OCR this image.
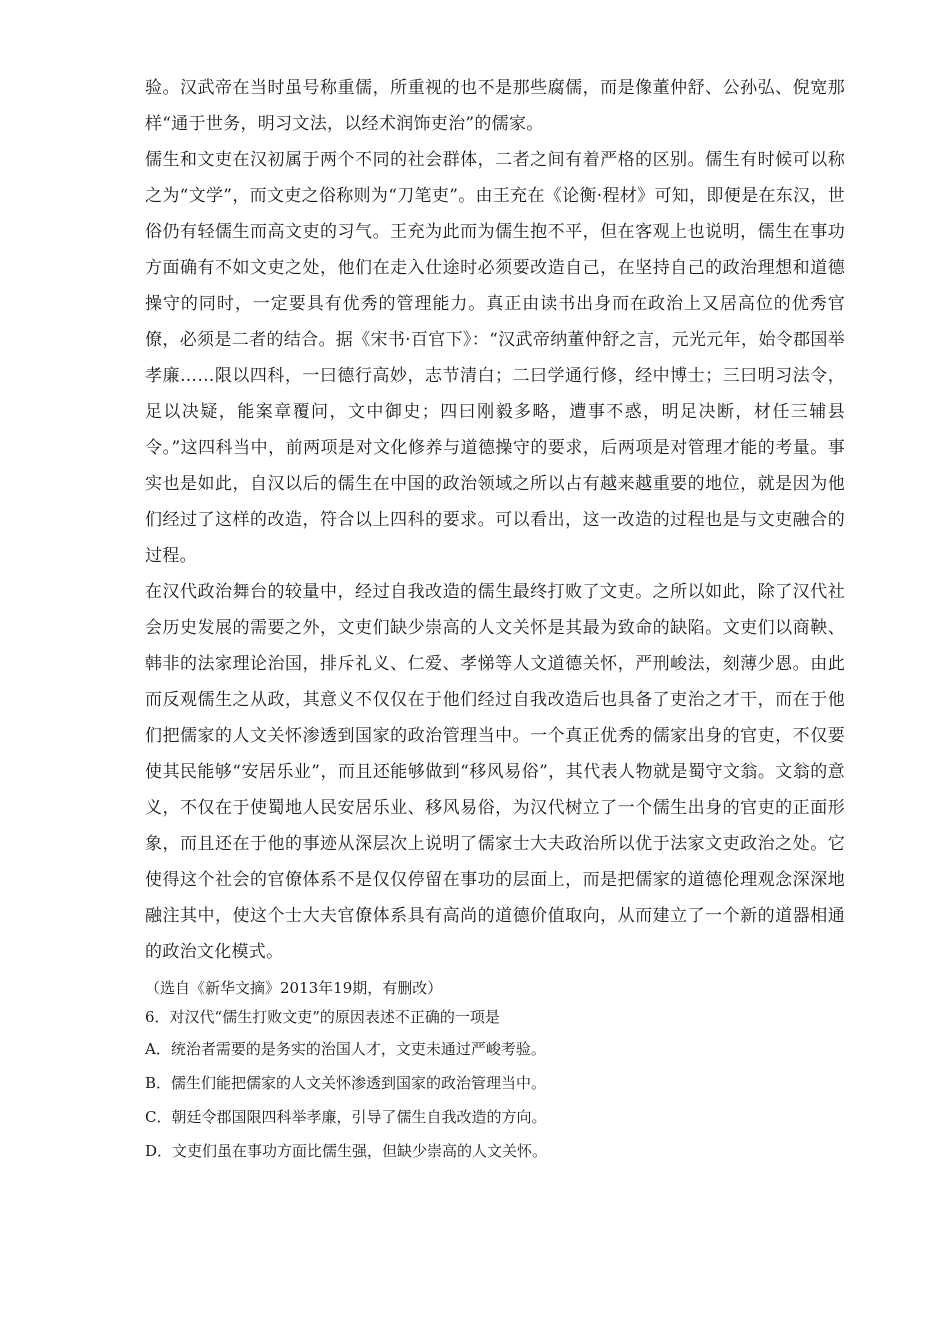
验。汉武帝在当时虽号称重儒，所重视的也不是那些腐儒，而是像董仲舒、公孙弘、倪宽那样“通于世务，明习文法，以经术润饰吏治”的儒家。

儒生和文吏在汉初属于两个不同的社会群体，二者之间有着严格的区别。儒生有时候可以称之为“文学”，而文吏之俗称则为“刀笔吏”。由王充在《论衡·程材》可知，即便是在东汉，世俗仍有轻儒生而高文吏的习气。王充为此而为儒生抱不平，但在客观上也说明，儒生在事功方面确有不如文吏之处，他们在走入仕途时必须要改造自己，在坚持自己的政治理想和道德操守的同时，一定要具有优秀的管理能力。真正由读书出身而在政治上又居高位的优秀官僚，必须是二者的结合。据《宋书·百官下》：“汉武帝纳董仲舒之言，元光元年，始令郡国举孝廉……限以四科，一曰德行高妙，志节清白；二曰学通行修，经中博士；三曰明习法令，足以决疑，能案章覆问，文中御史；四曰刚毅多略，遭事不惑，明足决断，材任三辅县令。”这四科当中，前两项是对文化修养与道德操守的要求，后两项是对管理才能的考量。事实也是如此，自汉以后的儒生在中国的政治领域之所以占有越来越重要的地位，就是因为他们经过了这样的改造，符合以上四科的要求。可以看出，这一改造的过程也是与文吏融合的过程。

在汉代政治舞台的较量中，经过自我改造的儒生最终打败了文吏。之所以如此，除了汉代社会历史发展的需要之外，文吏们缺少崇高的人文关怀是其最为致命的缺陷。文吏们以商鞅、韩非的法家理论治国，排斥礼义、仁爱、孝悌等人文道德关怀，严刑峻法，刻薄少恩。由此而反观儒生之从政，其意义不仅仅在于他们经过自我改造后也具备了吏治之才干，而在于他们把儒家的人文关怀渗透到国家的政治管理当中。一个真正优秀的儒家出身的官吏，不仅要使其民能够“安居乐业”，而且还能够做到“移风易俗”，其代表人物就是蜀守文翁。文翁的意义，不仅在于使蜀地人民安居乐业、移风易俗，为汉代树立了一个儒生出身的官吏的正面形象，而且还在于他的事迹从深层次上说明了儒家士大夫政治所以优于法家文吏政治之处。它使得这个社会的官僚体系不是仅仅停留在事功的层面上，而是把儒家的道德伦理观念深深地融注其中，使这个士大夫官僚体系具有高尚的道德价值取向，从而建立了一个新的道器相通的政治文化模式。

（选自《新华文摘》2013年19期，有删改）

6．对汉代“儒生打败文吏”的原因表述不正确的一项是

A．统治者需要的是务实的治国人才，文吏未通过严峻考验。

B．儒生们能把儒家的人文关怀渗透到国家的政治管理当中。

C．朝廷令郡国限四科举孝廉，引导了儒生自我改造的方向。

D．文吏们虽在事功方面比儒生强，但缺少崇高的人文关怀。
